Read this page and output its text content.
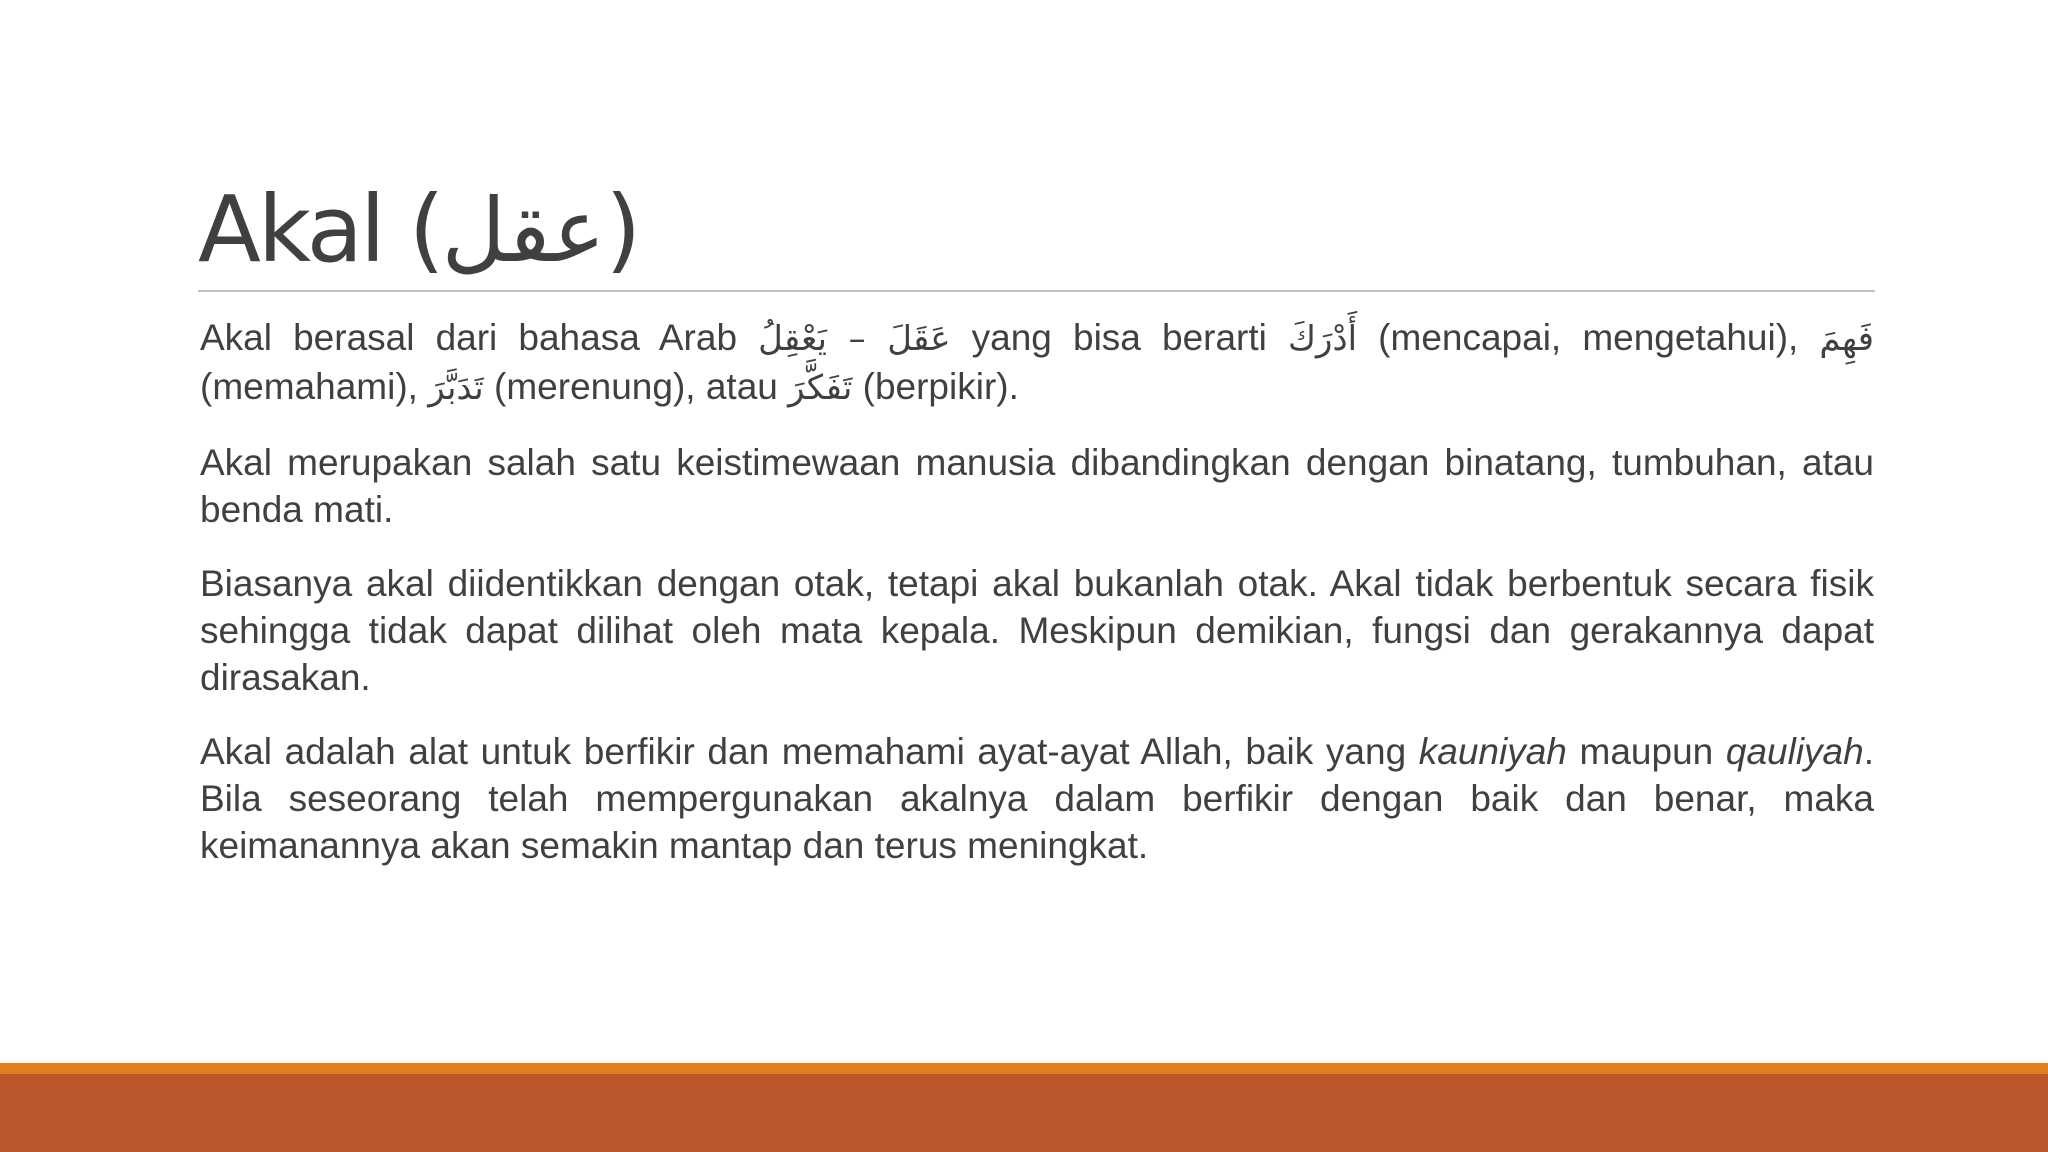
Akal (عقل)

Akal berasal dari bahasa Arab عَقَلَ – يَعْقِلُ yang bisa berarti أَدْرَكَ (mencapai, mengetahui), فَهِمَ (memahami), تَدَبَّرَ (merenung), atau تَفَكَّرَ (berpikir).

Akal merupakan salah satu keistimewaan manusia dibandingkan dengan binatang, tumbuhan, atau benda mati.

Biasanya akal diidentikkan dengan otak, tetapi akal bukanlah otak. Akal tidak berbentuk secara fisik sehingga tidak dapat dilihat oleh mata kepala. Meskipun demikian, fungsi dan gerakannya dapat dirasakan.

Akal adalah alat untuk berfikir dan memahami ayat-ayat Allah, baik yang kauniyah maupun qauliyah. Bila seseorang telah mempergunakan akalnya dalam berfikir dengan baik dan benar, maka keimanannya akan semakin mantap dan terus meningkat.
